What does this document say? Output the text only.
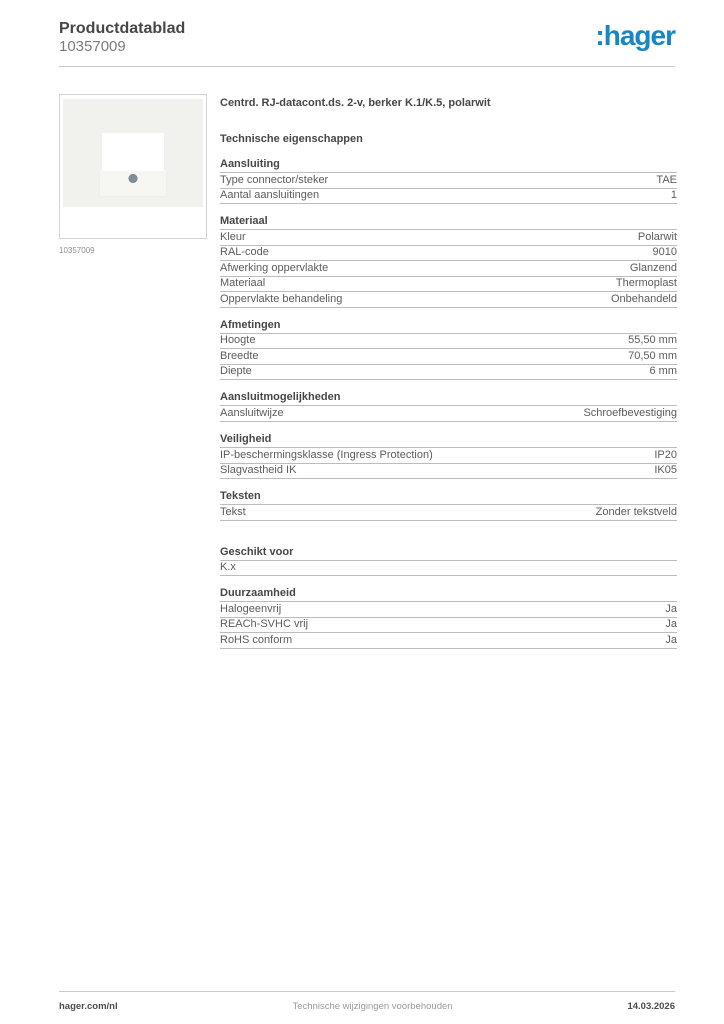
Productdatablad
10357009	:hager
10357009
Centrd. RJ-datacont.ds. 2-v, berker K.1/K.5, polarwit
Technische eigenschappen
Aansluiting
Type connector/steker	TAE
Aantal aansluitingen	1
Materiaal
Kleur	Polarwit
RAL-code	9010
Afwerking oppervlakte	Glanzend
Materiaal	Thermoplast
Oppervlakte behandeling	Onbehandeld
Afmetingen
Hoogte	55,50 mm
Breedte	70,50 mm
Diepte	6 mm
Aansluitmogelijkheden
Aansluitwijze	Schroefbevestiging
Veiligheid
IP-beschermingsklasse (Ingress Protection)	IP20
Slagvastheid IK	IK05
Teksten
Tekst	Zonder tekstveld
Geschikt voor
K.x
Duurzaamheid
Halogeenvrij	Ja
REACh-SVHC vrij	Ja
RoHS conform	Ja
hager.com/nl	Technische wijzigingen voorbehouden	14.03.2026
